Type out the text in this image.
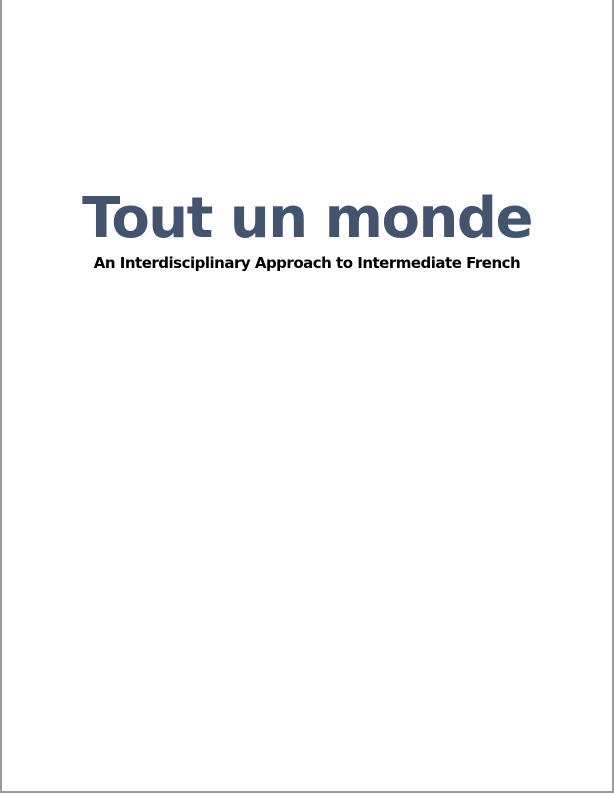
Tout un monde

An Interdisciplinary Approach to Intermediate French
